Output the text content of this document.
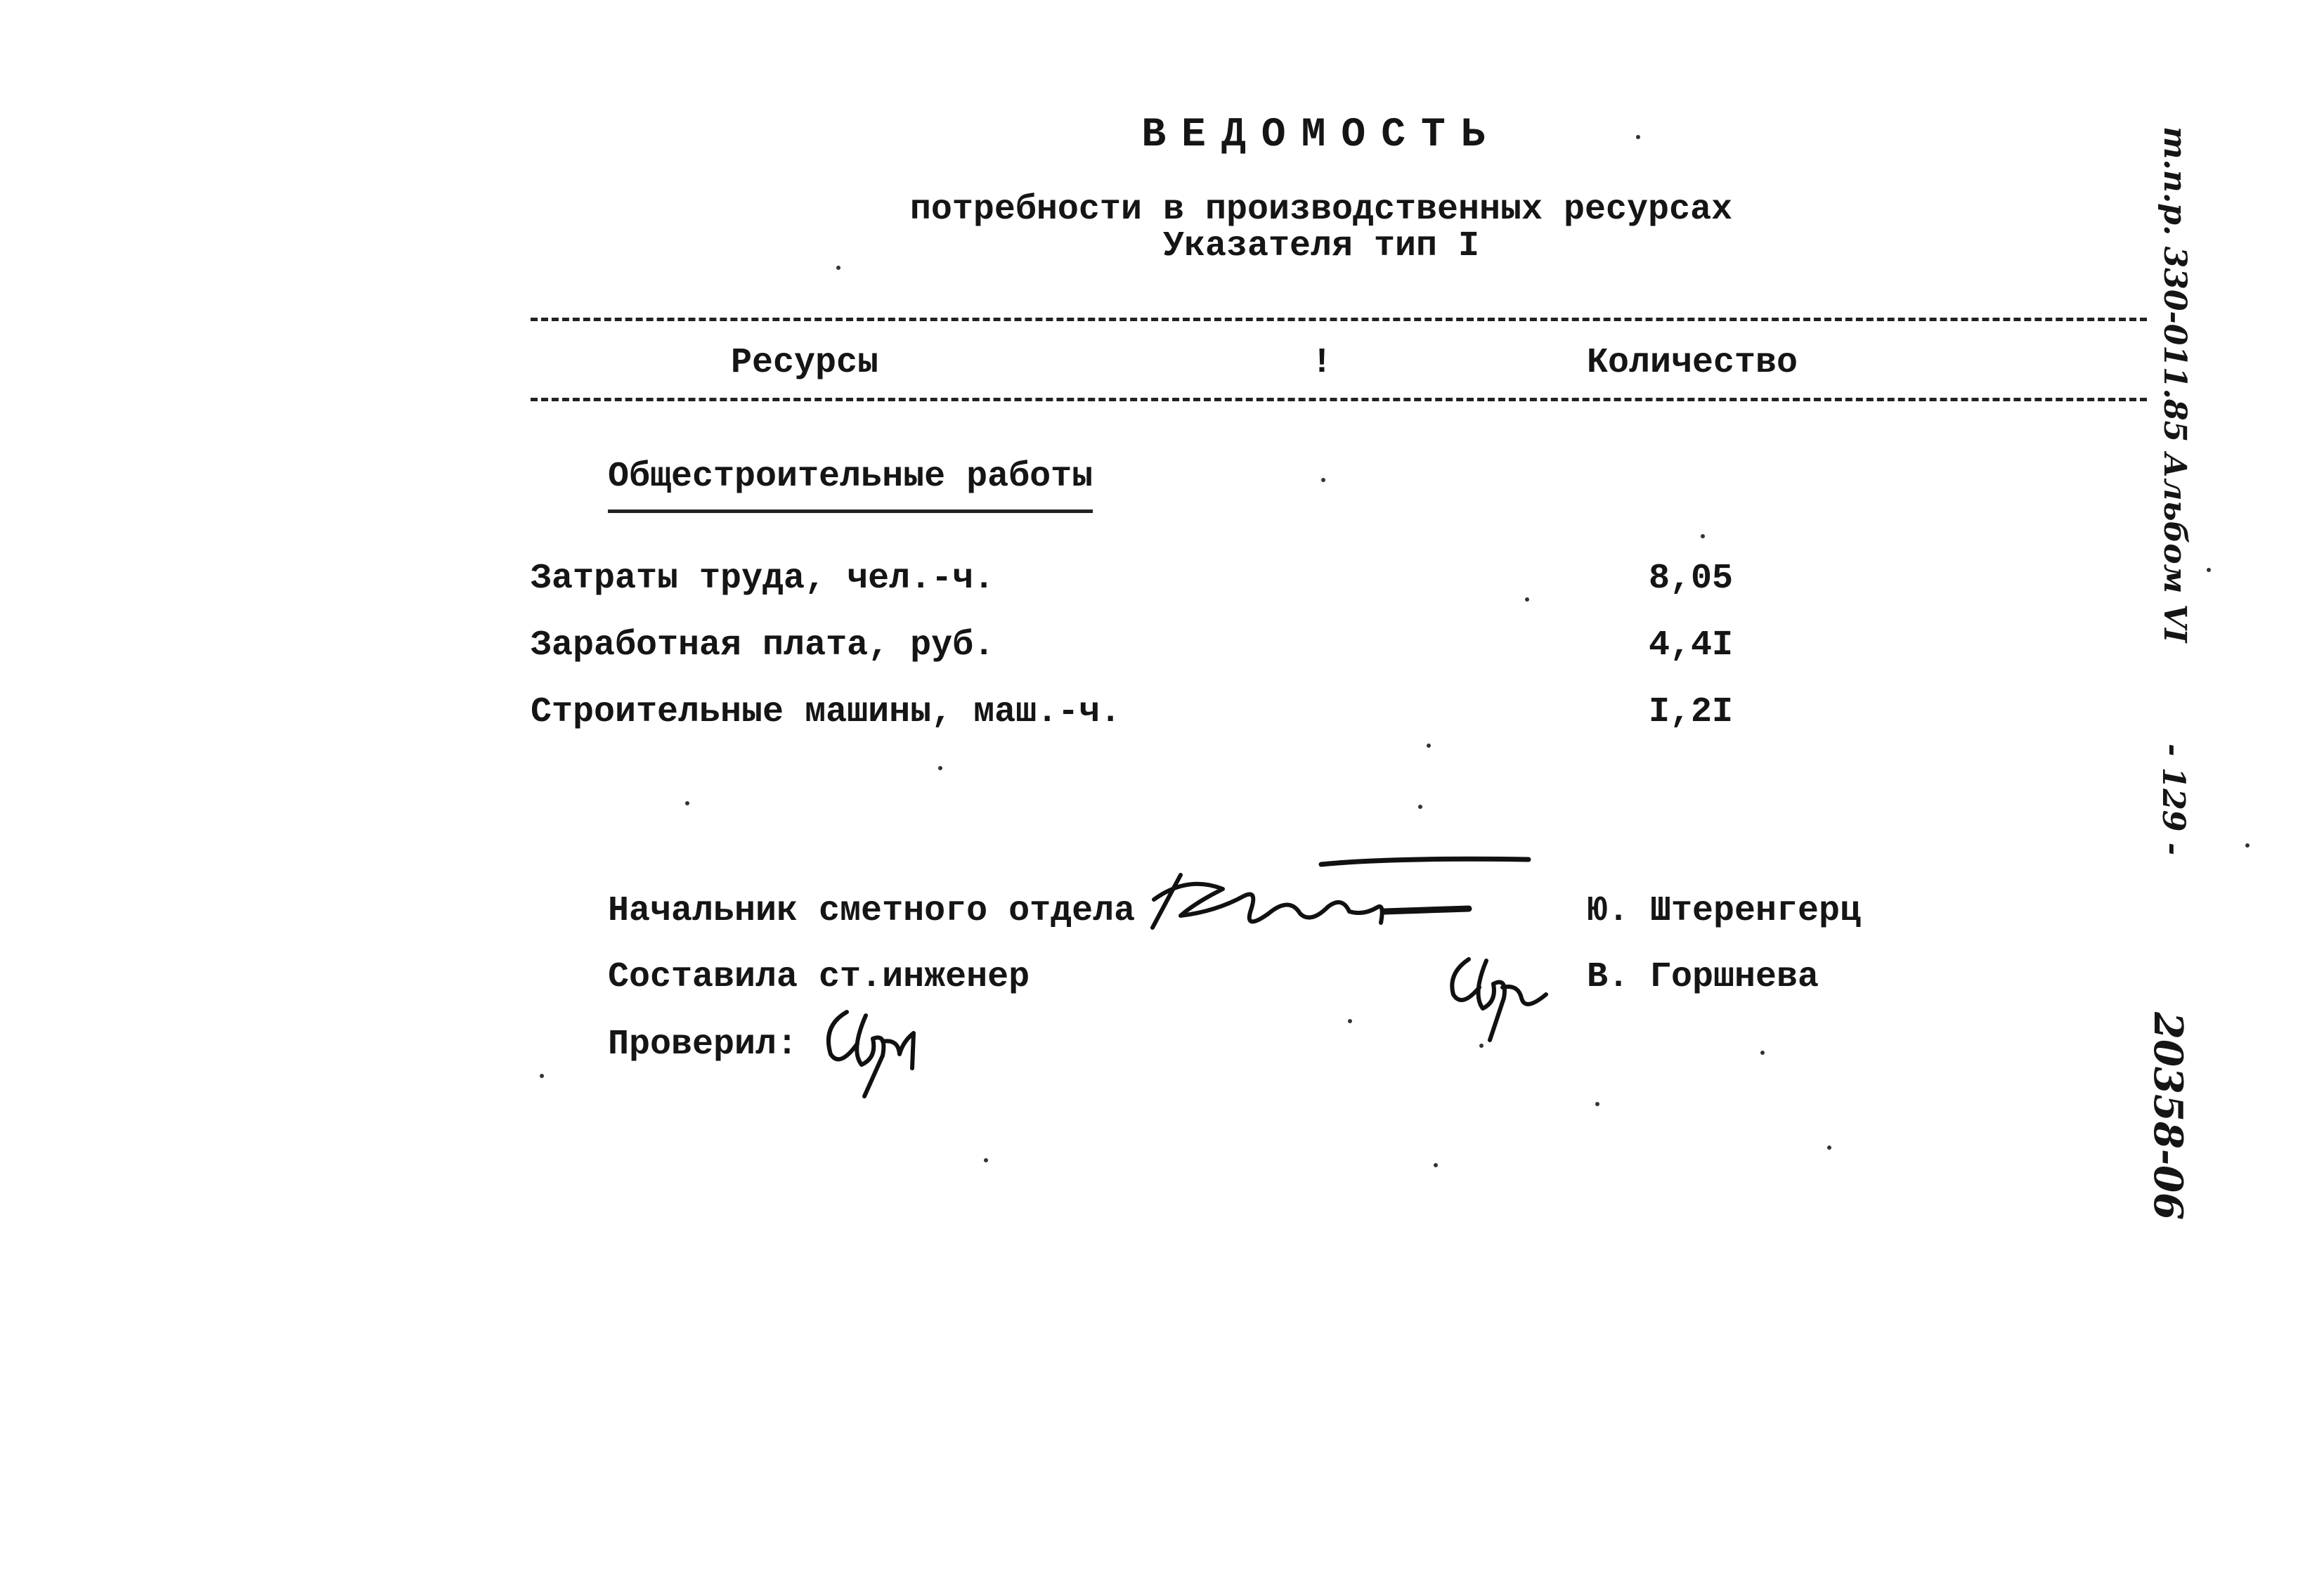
ВЕДОМОСТЬ
потребности в производственных ресурсах
Указателя тип I
Ресурсы	!	Количество
Общестроительные работы
Затраты труда, чел.-ч.	8,05
Заработная плата, руб.	4,4I
Строительные машины, маш.-ч.	I,2I
Начальник сметного отдела	Ю. Штеренгерц
Составила ст.инженер	В. Горшнева
Проверил:
т.п.р. 330-011.85 Альбом VI
- 129 -
20358-06
